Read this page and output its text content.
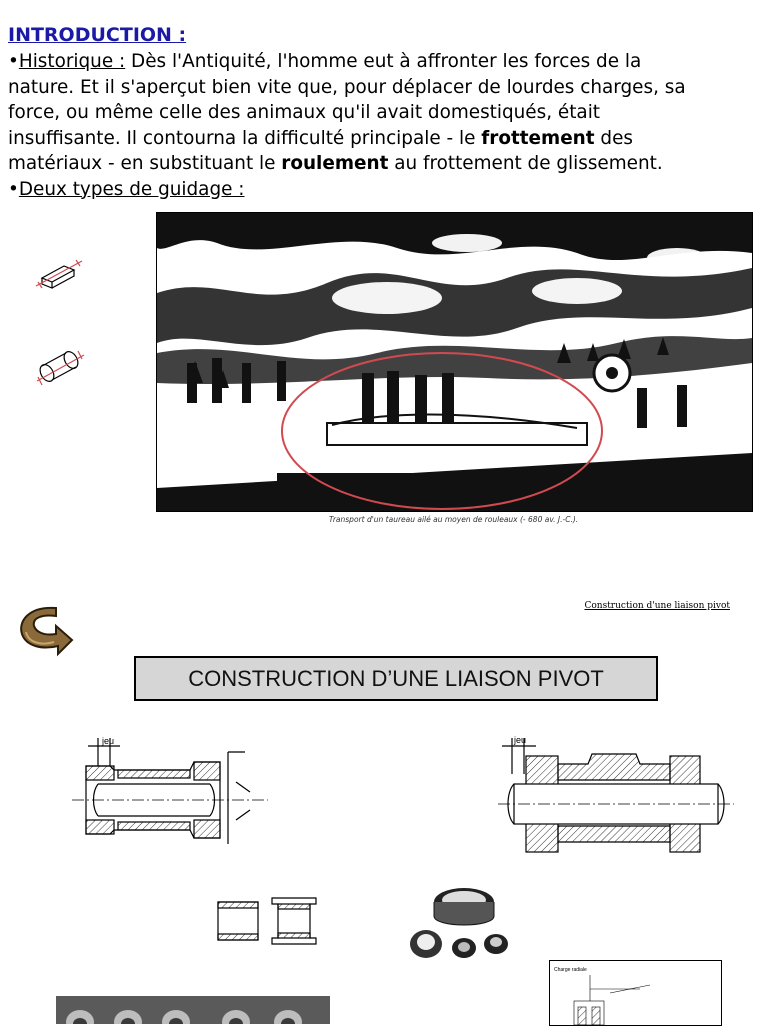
INTRODUCTION :

•Historique : Dès l'Antiquité, l'homme eut à affronter les forces de la

nature. Et il s'aperçut bien vite que, pour déplacer de lourdes charges, sa

force, ou même celle des animaux qu'il avait domestiqués, était

insuffisante. Il contourna la difficulté principale - le frottement des

matériaux - en substituant le roulement au frottement de glissement.

•Deux types de guidage :

Transport d'un taureau ailé au moyen de rouleaux (- 680 av. J.-C.).
Construction d'une liaison pivot
CONSTRUCTION D’UNE LIAISON PIVOT
jeu	jeu
Charge radiale
